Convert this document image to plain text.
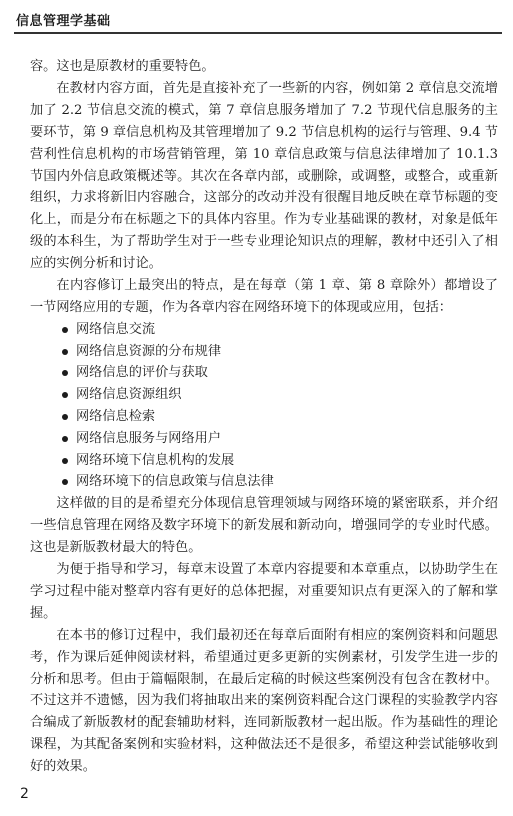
信息管理学基础

容。这也是原教材的重要特色。

在教材内容方面，首先是直接补充了一些新的内容，例如第 2 章信息交流增加了 2.2 节信息交流的模式，第 7 章信息服务增加了 7.2 节现代信息服务的主要环节，第 9 章信息机构及其管理增加了 9.2 节信息机构的运行与管理、9.4 节营利性信息机构的市场营销管理，第 10 章信息政策与信息法律增加了 10.1.3 节国内外信息政策概述等。其次在各章内部，或删除，或调整，或整合，或重新组织，力求将新旧内容融合，这部分的改动并没有很醒目地反映在章节标题的变化上，而是分布在标题之下的具体内容里。作为专业基础课的教材，对象是低年级的本科生，为了帮助学生对于一些专业理论知识点的理解，教材中还引入了相应的实例分析和讨论。

在内容修订上最突出的特点，是在每章（第 1 章、第 8 章除外）都增设了一节网络应用的专题，作为各章内容在网络环境下的体现或应用，包括：

网络信息交流
网络信息资源的分布规律
网络信息的评价与获取
网络信息资源组织
网络信息检索
网络信息服务与网络用户
网络环境下信息机构的发展
网络环境下的信息政策与信息法律

这样做的目的是希望充分体现信息管理领域与网络环境的紧密联系，并介绍一些信息管理在网络及数字环境下的新发展和新动向，增强同学的专业时代感。这也是新版教材最大的特色。

为便于指导和学习，每章末设置了本章内容提要和本章重点，以协助学生在学习过程中能对整章内容有更好的总体把握，对重要知识点有更深入的了解和掌握。

在本书的修订过程中，我们最初还在每章后面附有相应的案例资料和问题思考，作为课后延伸阅读材料，希望通过更多更新的实例素材，引发学生进一步的分析和思考。但由于篇幅限制，在最后定稿的时候这些案例没有包含在教材中。不过这并不遗憾，因为我们将抽取出来的案例资料配合这门课程的实验教学内容合编成了新版教材的配套辅助材料，连同新版教材一起出版。作为基础性的理论课程，为其配备案例和实验材料，这种做法还不是很多，希望这种尝试能够收到好的效果。

2
